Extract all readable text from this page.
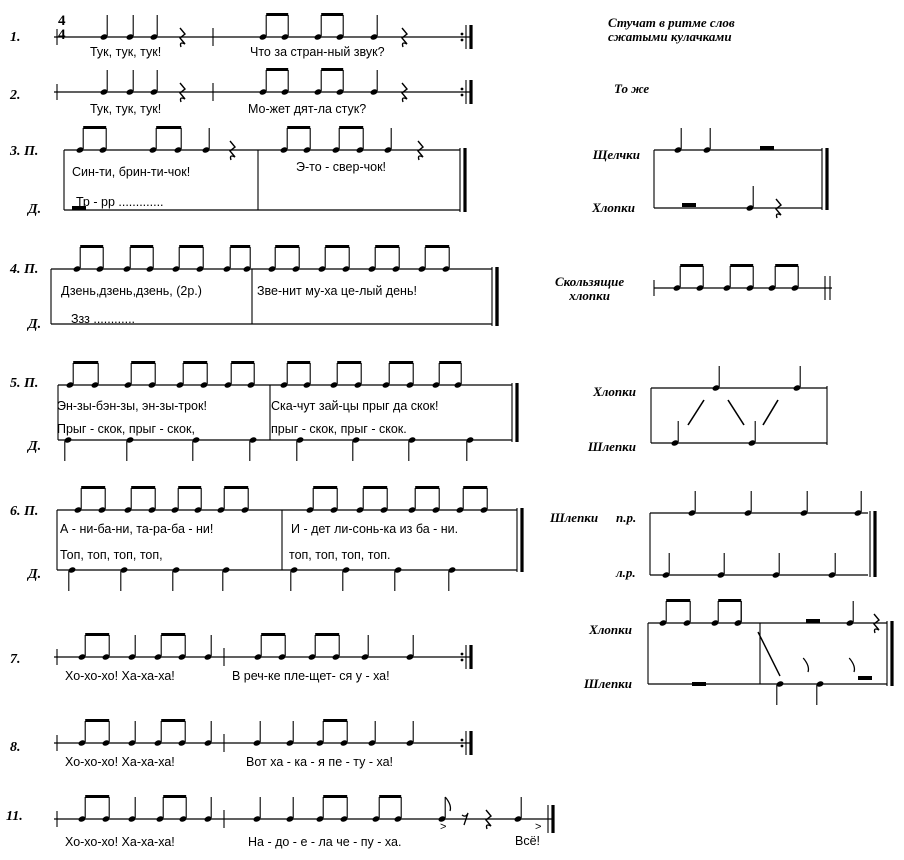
4
4
1.
2.
3. П.
Д.
4. П.
Д.
5. П.
Д.
6. П.
Д.
7.
8.
11.
Тук, тук, тук!	Что за стран-ный звук?
Тук, тук, тук!	Мо-жет дят-ла стук?
Син-ти, брин-ти-чок!	Э-то - свер-чок!
Тр - рр .............
Дзень,дзень,дзень, (2р.)	Зве-нит му-ха це-лый день!
Ззз ............
Эн-зы-бэн-зы, эн-зы-трок!	Ска-чут зай-цы прыг да скок!
Прыг - скок, прыг - скок,	прыг - скок, прыг - скок.
А - ни-ба-ни, та-ра-ба - ни!	И - дет ли-сонь-ка из ба - ни.
Топ, топ, топ, топ,	топ, топ, топ, топ.
Хо-хо-хо! Ха-ха-ха!	В реч-ке пле-щет- ся у - ха!
Хо-хо-хо! Ха-ха-ха!	Вот ха - ка - я пе - ту - ха!
Хо-хо-хо! Ха-ха-ха!	На - до - е - ла че - пу - ха.	Всё!
>	>
Стучат в ритме слов
сжатыми кулачками
То же
Щелчки
Хлопки
Скользящие
хлопки
Хлопки
Шлепки
Шлепки п.р.
л.р.
Хлопки
Шлепки
